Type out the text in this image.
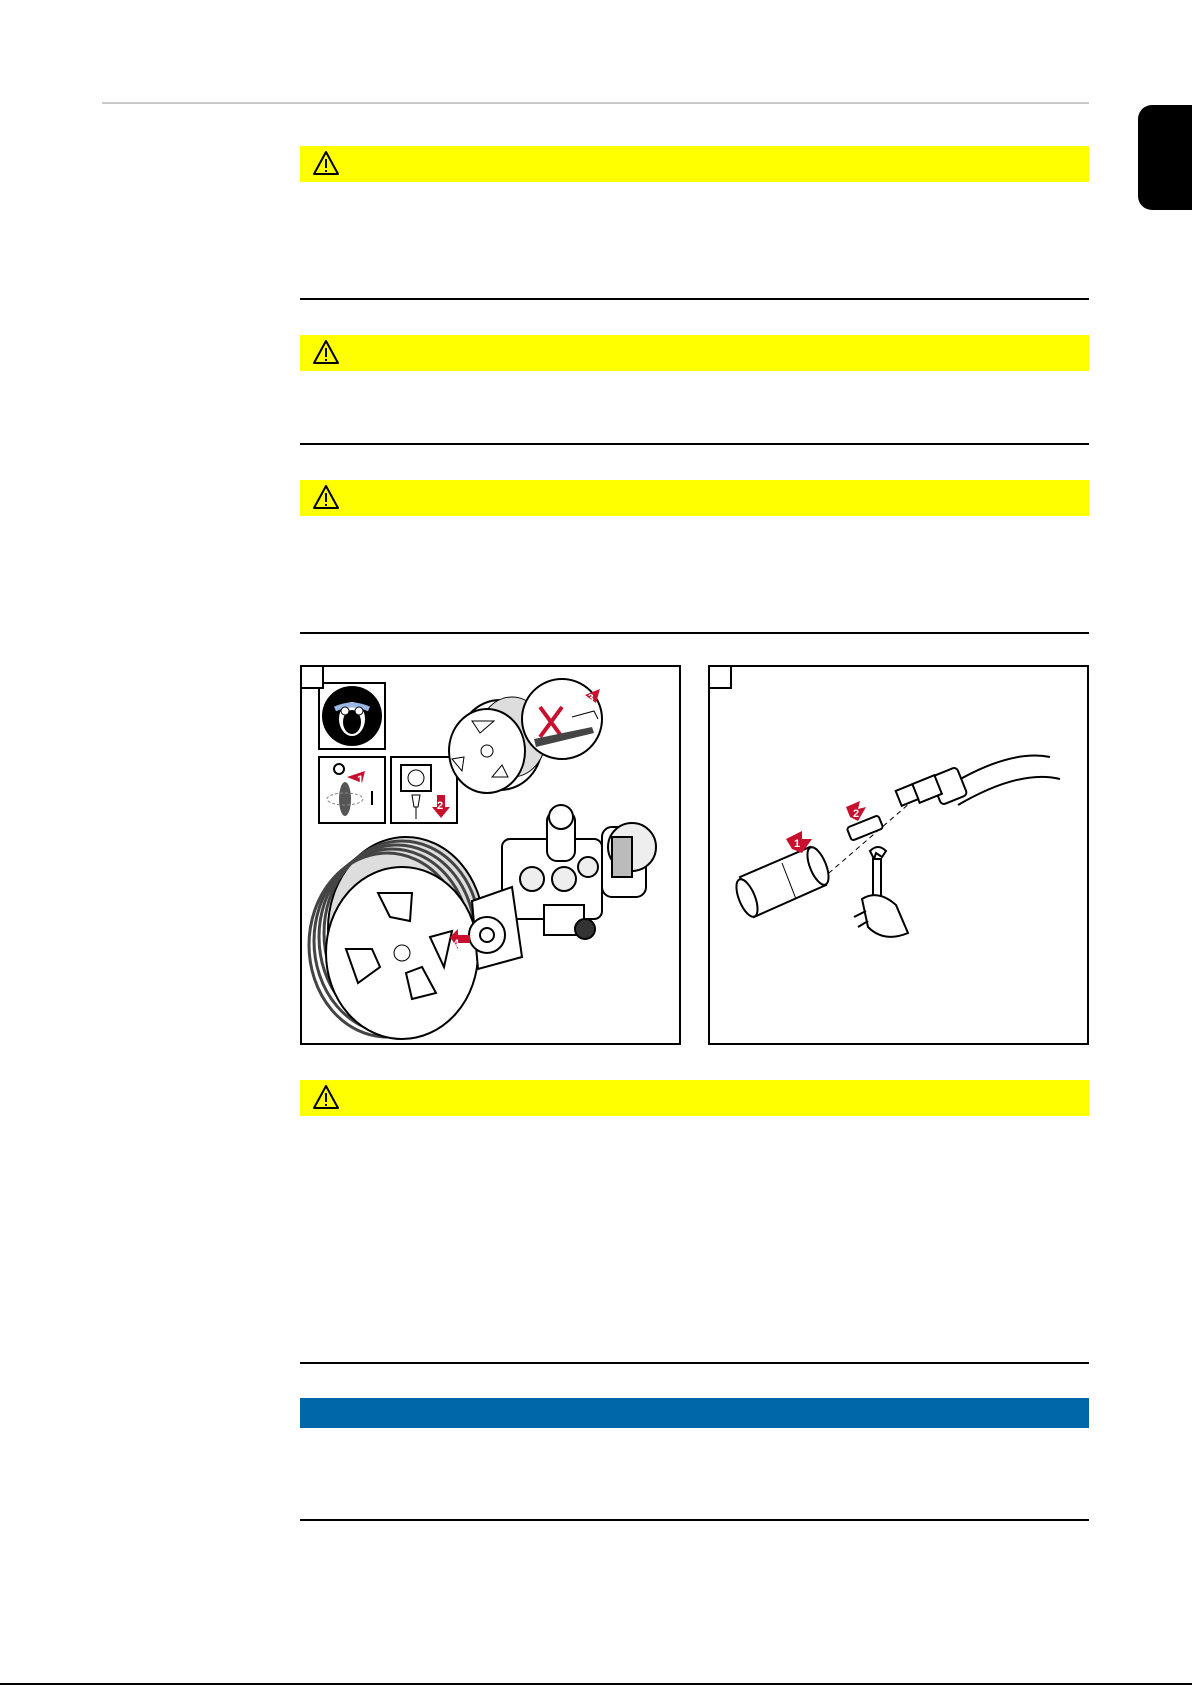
1
2
3
4
2
1
